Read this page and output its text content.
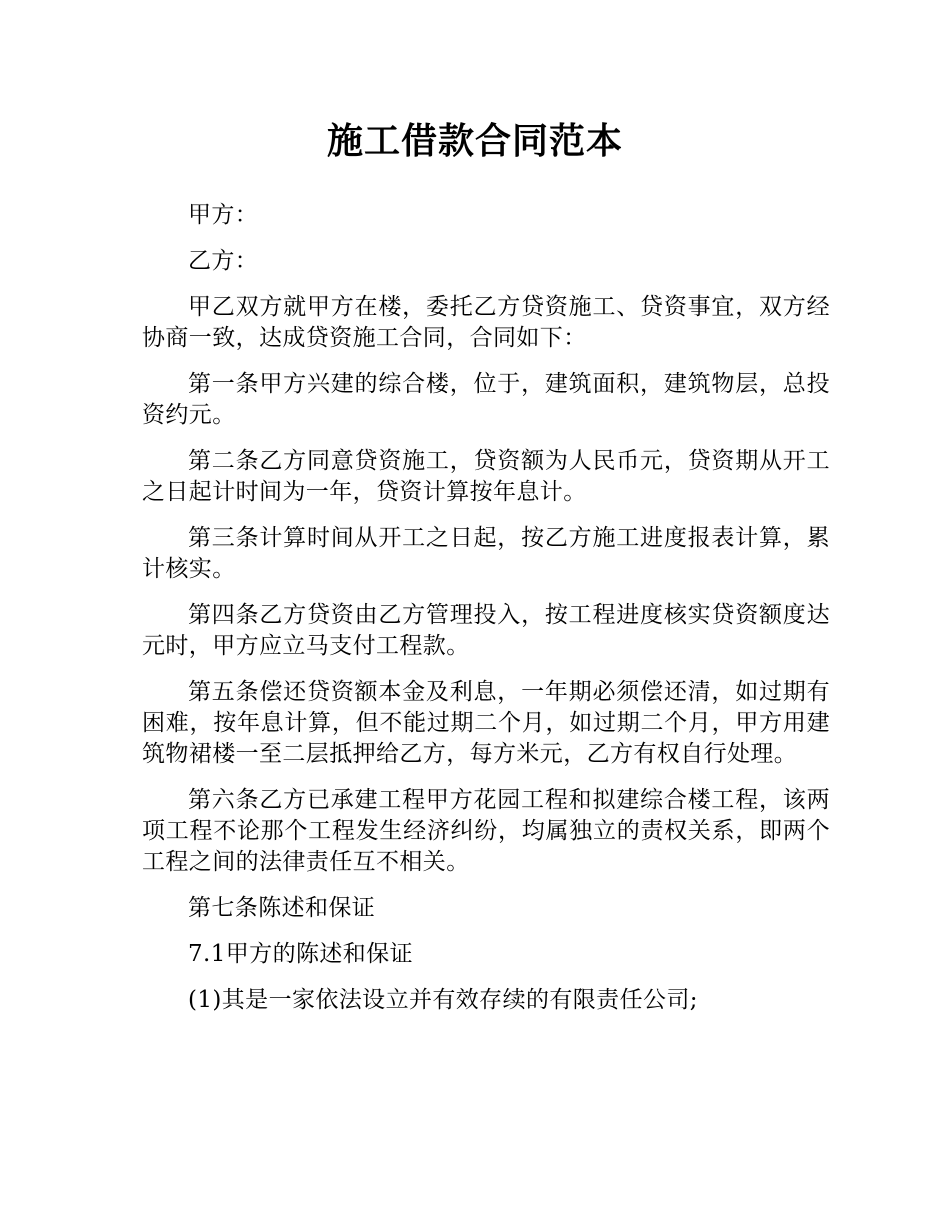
施工借款合同范本

甲方：

乙方：

甲乙双方就甲方在楼，委托乙方贷资施工、贷资事宜，双方经协商一致，达成贷资施工合同，合同如下：

第一条甲方兴建的综合楼，位于，建筑面积，建筑物层，总投资约元。

第二条乙方同意贷资施工，贷资额为人民币元，贷资期从开工之日起计时间为一年，贷资计算按年息计。

第三条计算时间从开工之日起，按乙方施工进度报表计算，累计核实。

第四条乙方贷资由乙方管理投入，按工程进度核实贷资额度达元时，甲方应立马支付工程款。

第五条偿还贷资额本金及利息，一年期必须偿还清，如过期有困难，按年息计算，但不能过期二个月，如过期二个月，甲方用建筑物裙楼一至二层抵押给乙方，每方米元，乙方有权自行处理。

第六条乙方已承建工程甲方花园工程和拟建综合楼工程，该两项工程不论那个工程发生经济纠纷，均属独立的责权关系，即两个工程之间的法律责任互不相关。

第七条陈述和保证

7.1甲方的陈述和保证

(1)其是一家依法设立并有效存续的有限责任公司;
